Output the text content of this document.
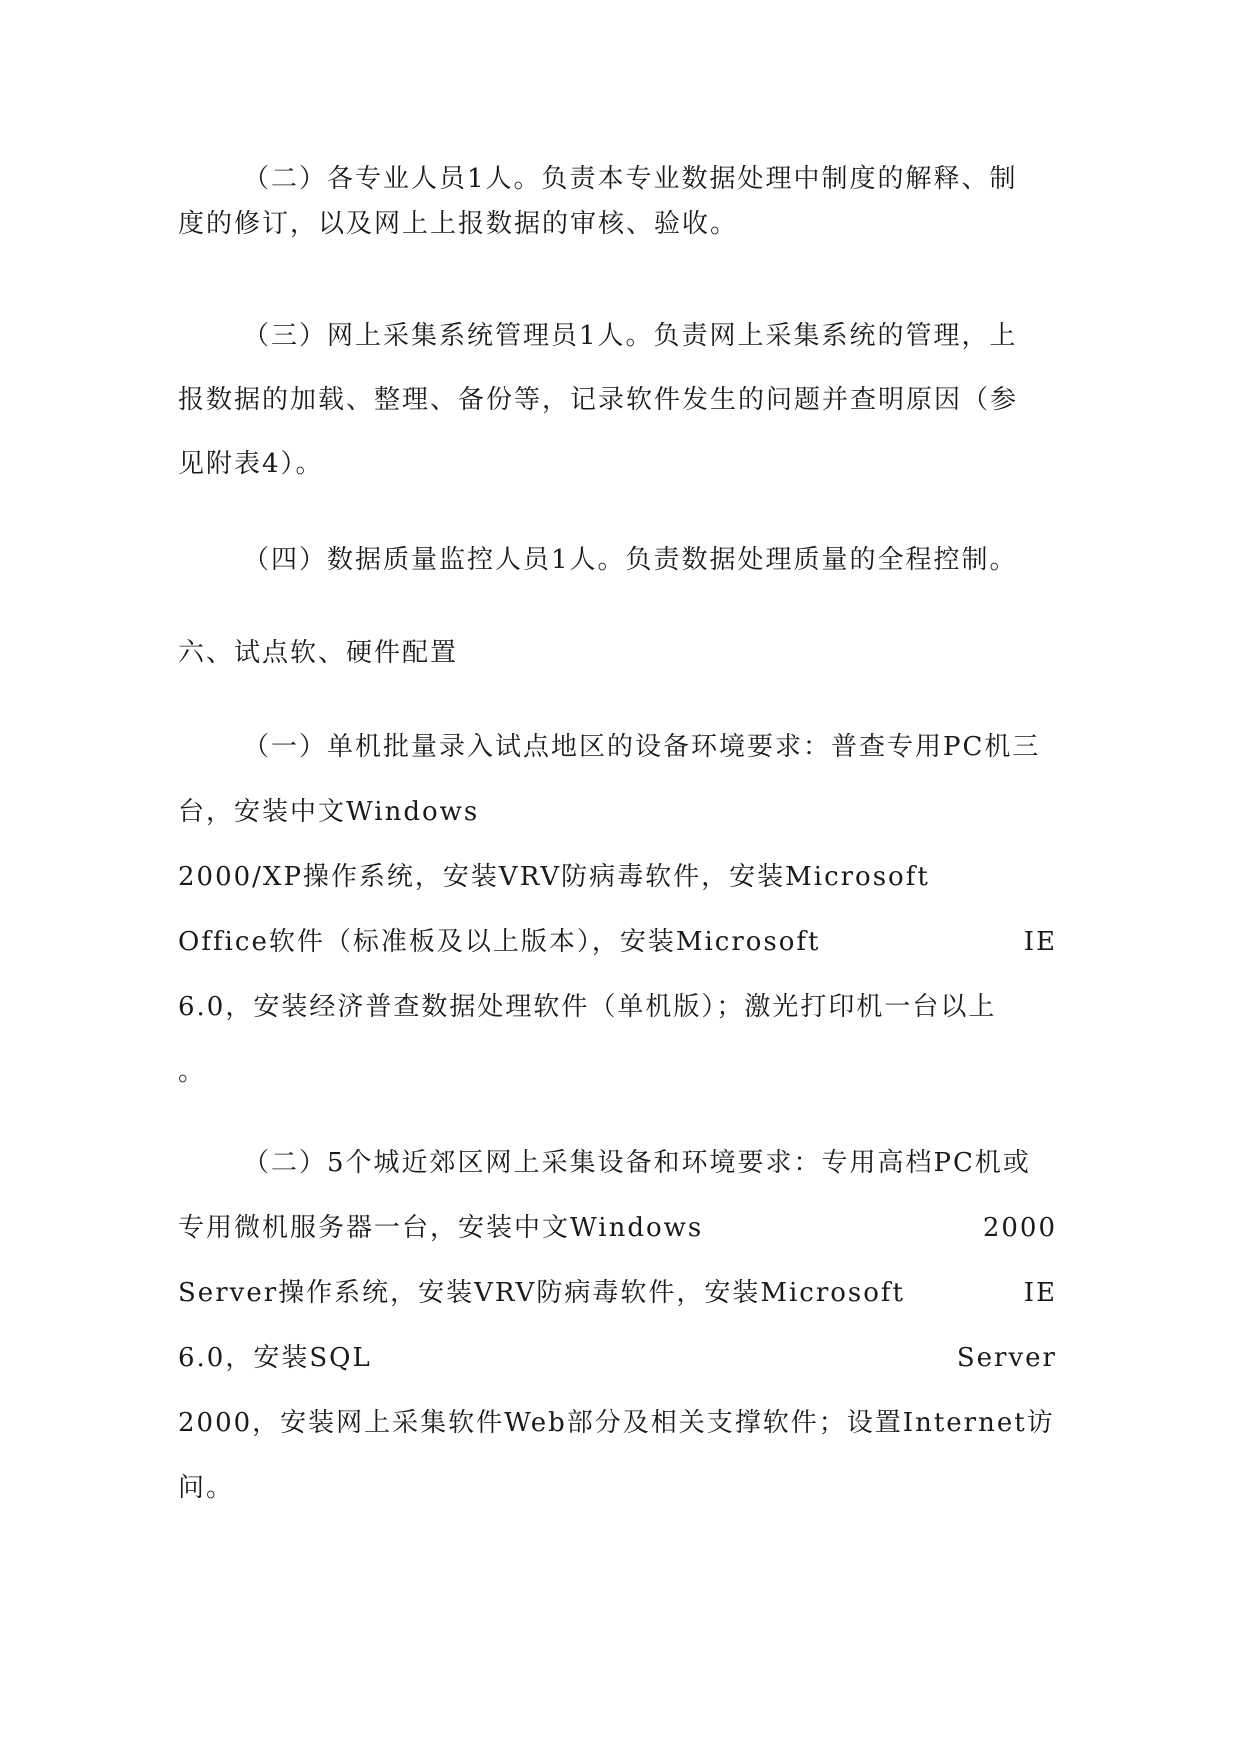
（二）各专业人员1人。负责本专业数据处理中制度的解释、制
度的修订，以及网上上报数据的审核、验收。
（三）网上采集系统管理员1人。负责网上采集系统的管理，上
报数据的加载、整理、备份等，记录软件发生的问题并查明原因（参
见附表4）。
（四）数据质量监控人员1人。负责数据处理质量的全程控制。
六、试点软、硬件配置
（一）单机批量录入试点地区的设备环境要求：普查专用PC机三
台，安装中文Windows
2000/XP操作系统，安装VRV防病毒软件，安装Microsoft
Office软件（标准板及以上版本），安装Microsoft	IE
6.0，安装经济普查数据处理软件（单机版）；激光打印机一台以上
。
（二）5个城近郊区网上采集设备和环境要求：专用高档PC机或
专用微机服务器一台，安装中文Windows	2000
Server操作系统，安装VRV防病毒软件，安装Microsoft	IE
6.0，安装SQL	Server
2000，安装网上采集软件Web部分及相关支撑软件；设置Internet访
问。
